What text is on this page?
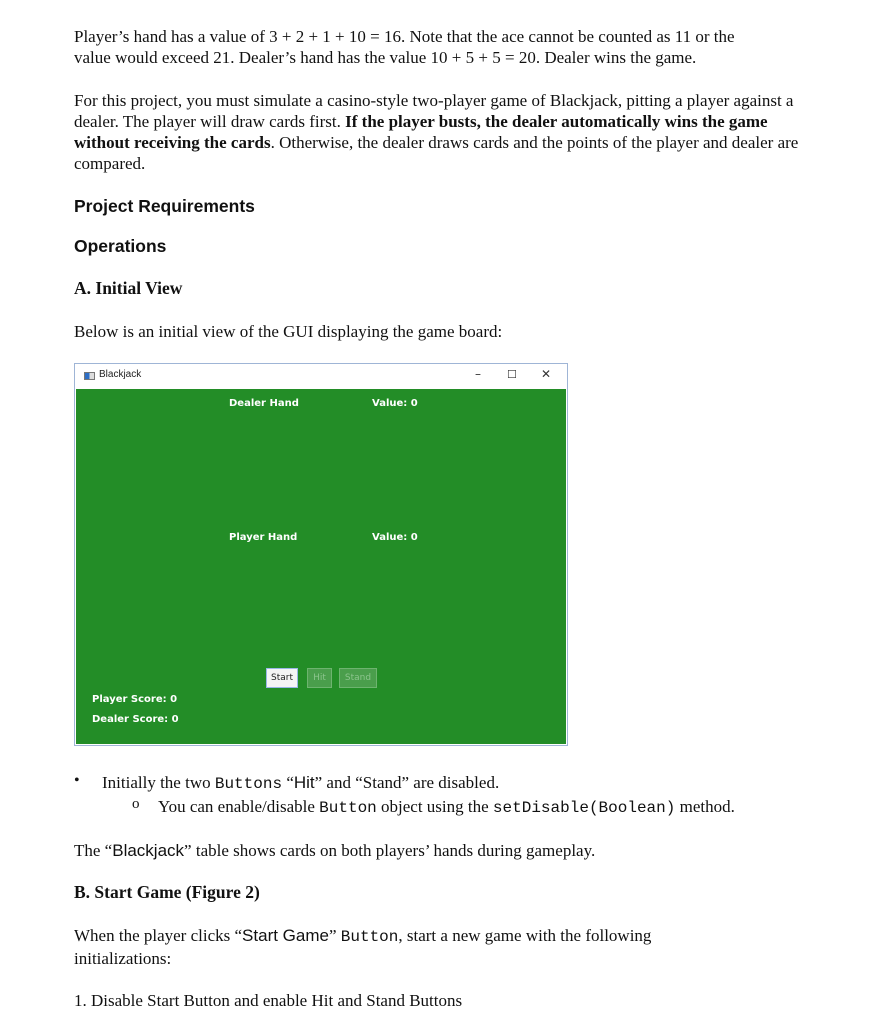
Player’s hand has a value of 3 + 2 + 1 + 10 = 16. Note that the ace cannot be counted as 11 or the
value would exceed 21. Dealer’s hand has the value 10 + 5 + 5 = 20. Dealer wins the game.

For this project, you must simulate a casino-style two-player game of Blackjack, pitting a player against a dealer. The player will draw cards first. If the player busts, the dealer automatically wins the game without receiving the cards. Otherwise, the dealer draws cards and the points of the player and dealer are compared.

Project Requirements
Operations
A. Initial View

Below is an initial view of the GUI displaying the game board:

Blackjack	– ☐ ✕
Dealer Hand	Value: 0
Player Hand	Value: 0
Start	Hit	Stand
Player Score: 0
Dealer Score: 0
• Initially the two Buttons “Hit” and “Stand” are disabled.
o You can enable/disable Button object using the setDisable(Boolean) method.

The “Blackjack” table shows cards on both players’ hands during gameplay.

B. Start Game (Figure 2)

When the player clicks “Start Game” Button, start a new game with the following initializations:

1. Disable Start Button and enable Hit and Stand Buttons
